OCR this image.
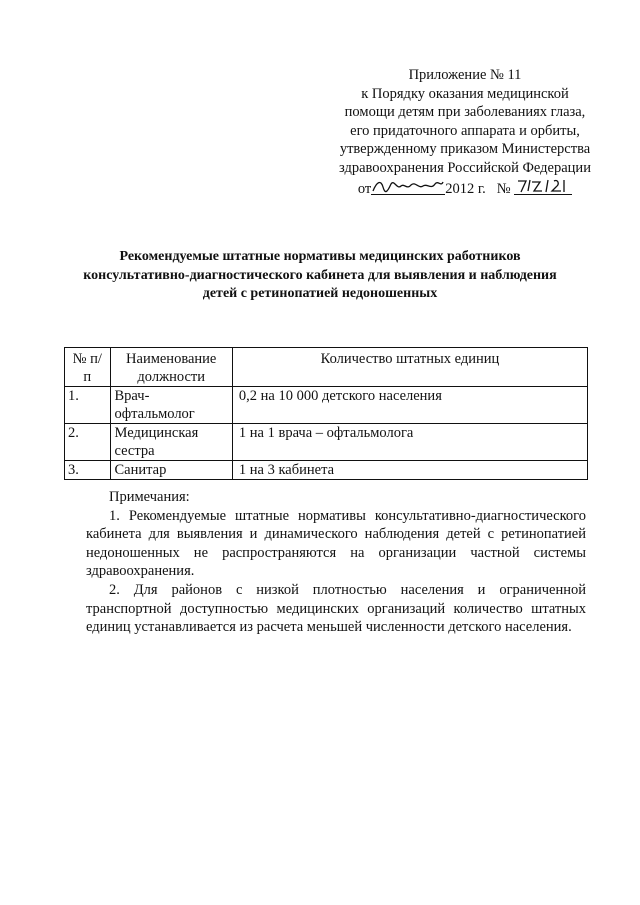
Приложение № 11
к Порядку оказания медицинской
помощи детям при заболеваниях глаза,
его придаточного аппарата и орбиты,
утвержденному приказом Министерства
здравоохранения Российской Федерации
от	2012 г. №
Рекомендуемые штатные нормативы медицинских работников
консультативно-диагностического кабинета для выявления и наблюдения
детей с ретинопатией недоношенных
№ п/п	Наименование должности	Количество штатных единиц
1.	Врач-офтальмолог	0,2 на 10 000 детского населения
2.	Медицинская сестра	1 на 1 врача – офтальмолога
3.	Санитар	1 на 3 кабинета
Примечания:

1. Рекомендуемые штатные нормативы консультативно-диагностического кабинета для выявления и динамического наблюдения детей с ретинопатией недоношенных не распространяются на организации частной системы здравоохранения.

2. Для районов с низкой плотностью населения и ограниченной транспортной доступностью медицинских организаций количество штатных единиц устанавливается из расчета меньшей численности детского населения.
